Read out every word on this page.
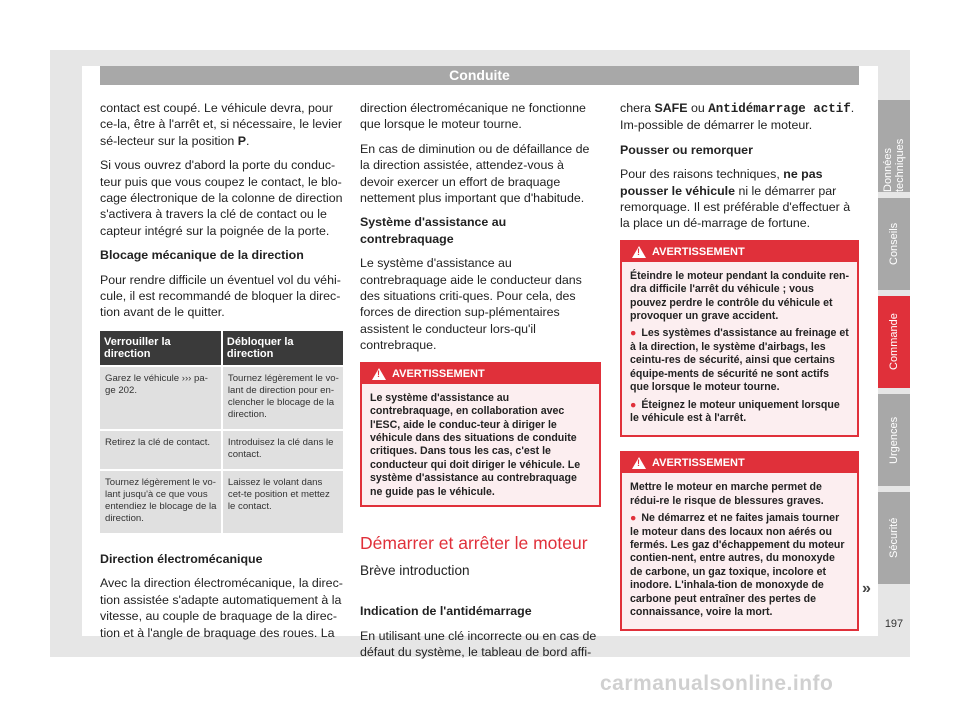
Conduite

contact est coupé. Le véhicule devra, pour ce-la, être à l'arrêt et, si nécessaire, le levier sé-lecteur sur la position P.

Si vous ouvrez d'abord la porte du conduc-teur puis que vous coupez le contact, le blo-cage électronique de la colonne de direction s'activera à travers la clé de contact ou le capteur intégré sur la poignée de la porte.

Blocage mécanique de la direction

Pour rendre difficile un éventuel vol du véhi-cule, il est recommandé de bloquer la direc-tion avant de le quitter.

Verrouiller la direction	Débloquer la direction
Garez le véhicule ››› pa-ge 202.	Tournez légèrement le vo-lant de direction pour en-clencher le blocage de la direction.
Retirez la clé de contact.	Introduisez la clé dans le contact.
Tournez légèrement le vo-lant jusqu'à ce que vous entendiez le blocage de la direction.	Laissez le volant dans cet-te position et mettez le contact.

Direction électromécanique

Avec la direction électromécanique, la direc-tion assistée s'adapte automatiquement à la vitesse, au couple de braquage de la direc-tion et à l'angle de braquage des roues. La

direction électromécanique ne fonctionne que lorsque le moteur tourne.

En cas de diminution ou de défaillance de la direction assistée, attendez-vous à devoir exercer un effort de braquage nettement plus important que d'habitude.

Système d'assistance au contrebraquage

Le système d'assistance au contrebraquage aide le conducteur dans des situations criti-ques. Pour cela, des forces de direction sup-plémentaires assistent le conducteur lors-qu'il contrebraque.

! AVERTISSEMENT
Le système d'assistance au contrebraquage, en collaboration avec l'ESC, aide le conduc-teur à diriger le véhicule dans des situations de conduite critiques. Dans tous les cas, c'est le conducteur qui doit diriger le véhicule. Le système d'assistance au contrebraquage ne guide pas le véhicule.
Démarrer et arrêter le moteur
Brève introduction

Indication de l'antidémarrage

En utilisant une clé incorrecte ou en cas de défaut du système, le tableau de bord affi-

chera SAFE ou Antidémarrage actif. Im-possible de démarrer le moteur.

Pousser ou remorquer

Pour des raisons techniques, ne pas pousser le véhicule ni le démarrer par remorquage. Il est préférable d'effectuer à la place un dé-marrage de fortune.

! AVERTISSEMENT

Éteindre le moteur pendant la conduite ren-dra difficile l'arrêt du véhicule ; vous pouvez perdre le contrôle du véhicule et provoquer un grave accident.

● Les systèmes d'assistance au freinage et à la direction, le système d'airbags, les ceintu-res de sécurité, ainsi que certains équipe-ments de sécurité ne sont actifs que lorsque le moteur tourne.

● Éteignez le moteur uniquement lorsque le véhicule est à l'arrêt.

! AVERTISSEMENT

Mettre le moteur en marche permet de rédui-re le risque de blessures graves.

● Ne démarrez et ne faites jamais tourner le moteur dans des locaux non aérés ou fermés. Les gaz d'échappement du moteur contien-nent, entre autres, du monoxyde de carbone, un gaz toxique, incolore et inodore. L'inhala-tion de monoxyde de carbone peut entraîner des pertes de connaissance, voire la mort.

»
Données techniques
Conseils
Commande
Urgences
Sécurité
197
carmanualsonline.info
